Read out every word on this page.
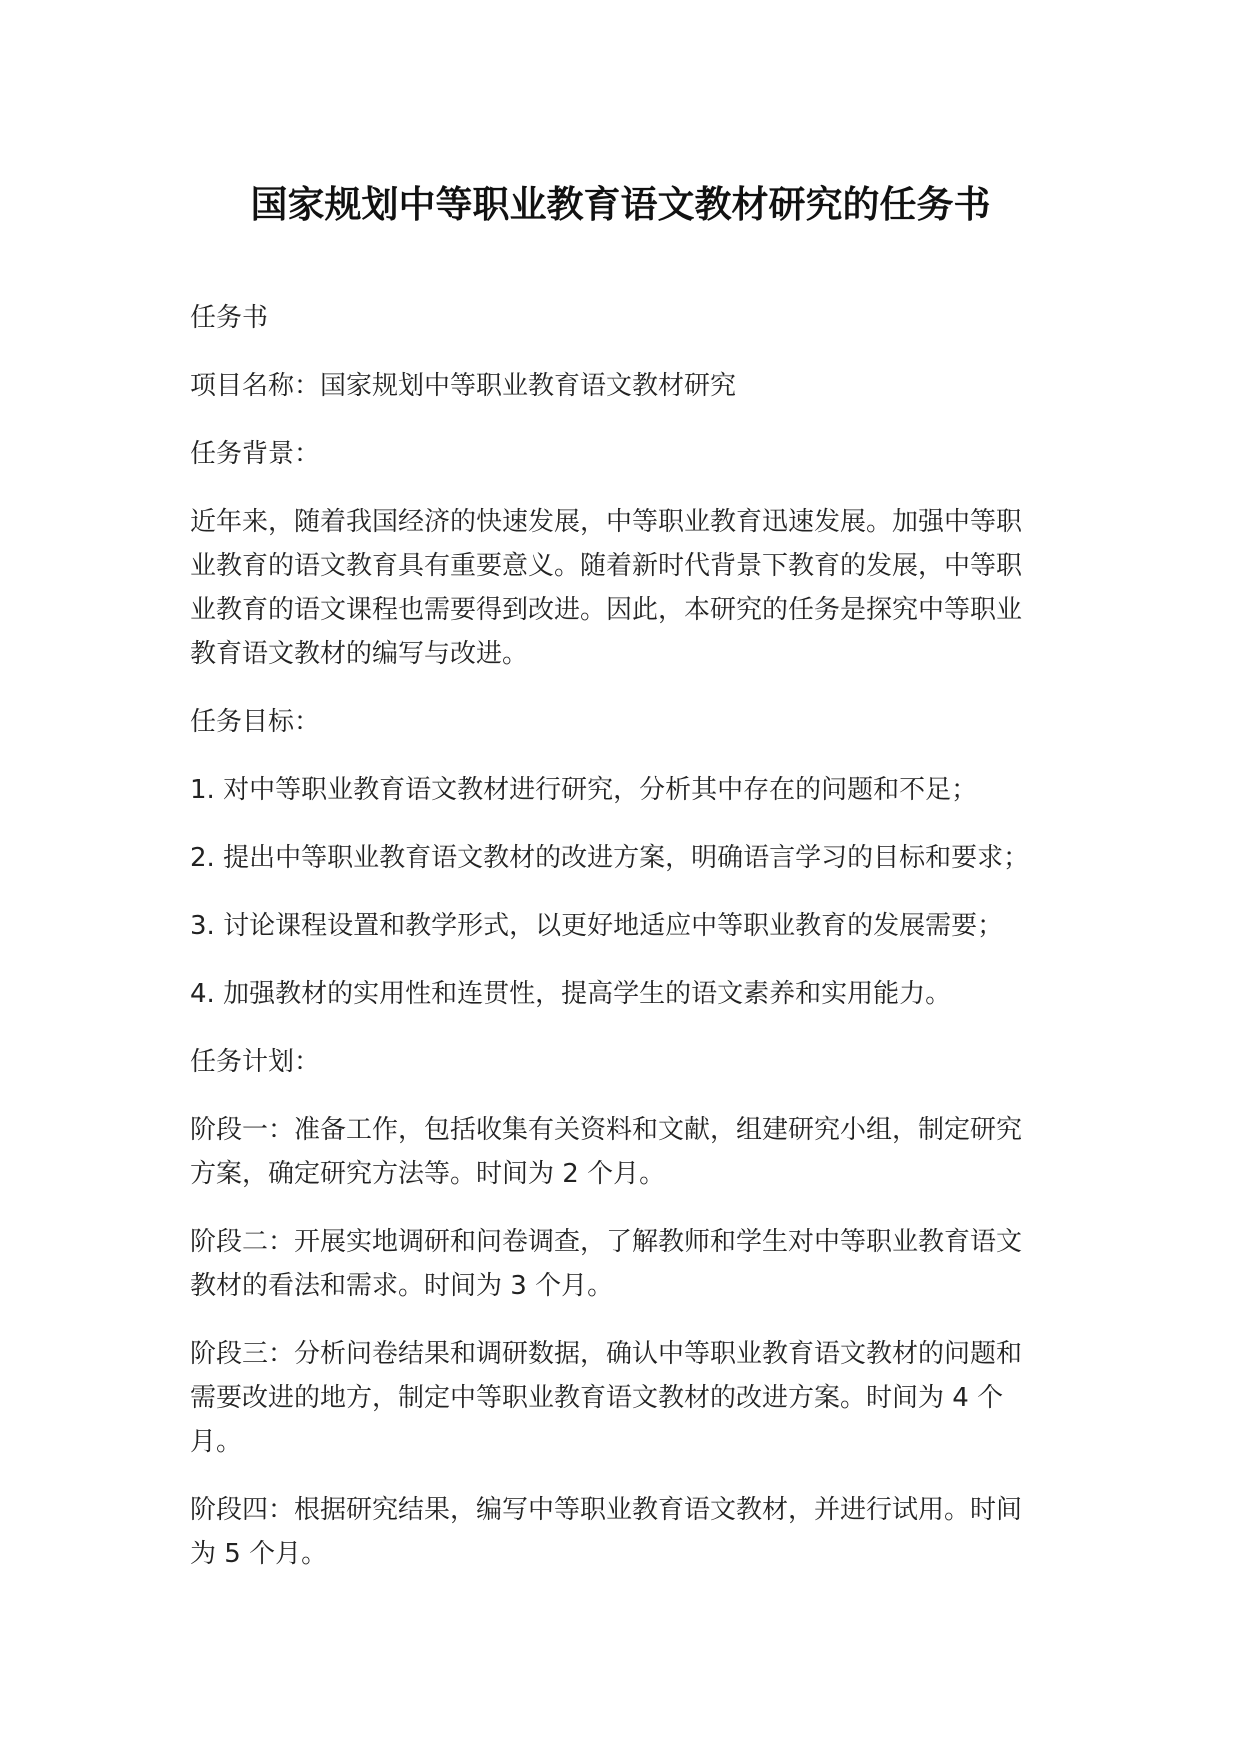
国家规划中等职业教育语文教材研究的任务书

任务书

项目名称：国家规划中等职业教育语文教材研究

任务背景：

近年来，随着我国经济的快速发展，中等职业教育迅速发展。加强中等职业教育的语文教育具有重要意义。随着新时代背景下教育的发展，中等职业教育的语文课程也需要得到改进。因此，本研究的任务是探究中等职业教育语文教材的编写与改进。

任务目标：

1. 对中等职业教育语文教材进行研究，分析其中存在的问题和不足；

2. 提出中等职业教育语文教材的改进方案，明确语言学习的目标和要求；

3. 讨论课程设置和教学形式，以更好地适应中等职业教育的发展需要；

4. 加强教材的实用性和连贯性，提高学生的语文素养和实用能力。

任务计划：

阶段一：准备工作，包括收集有关资料和文献，组建研究小组，制定研究方案，确定研究方法等。时间为 2 个月。

阶段二：开展实地调研和问卷调查，了解教师和学生对中等职业教育语文教材的看法和需求。时间为 3 个月。

阶段三：分析问卷结果和调研数据，确认中等职业教育语文教材的问题和需要改进的地方，制定中等职业教育语文教材的改进方案。时间为 4 个月。

阶段四：根据研究结果，编写中等职业教育语文教材，并进行试用。时间为 5 个月。
